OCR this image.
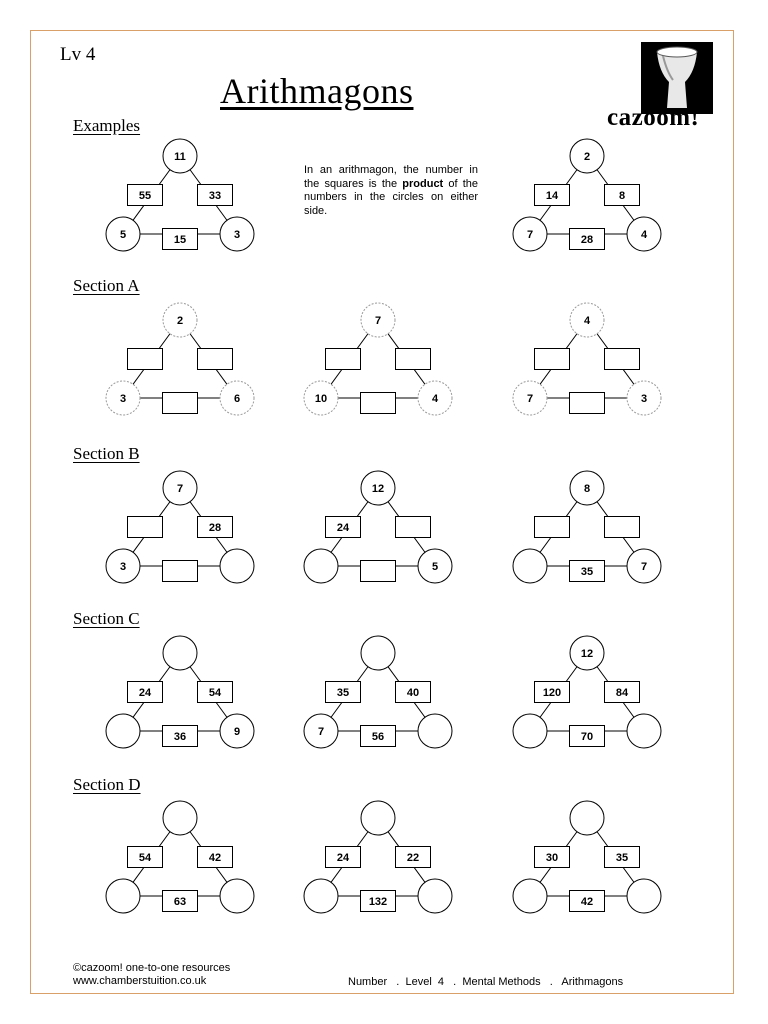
Lv 4
Arithmagons
cazoom!
In an arithmagon, the number in the squares is the product of the numbers in the circles on either side.
Examples
Section A
Section B
Section C
Section D
11
5	3
55	33
15
2
7	4
14	8
28
2
3	6
7
10	4
4
7	3
7
3
28
12
5
24
8
7
35
9
24	54
36	7
35	40
56
12
120	84
70
54	42
63
24	22
132
30	35
42
©cazoom! one-to-one resources
www.chamberstuition.co.uk	Number   .  Level  4   .  Mental Methods   .   Arithmagons
